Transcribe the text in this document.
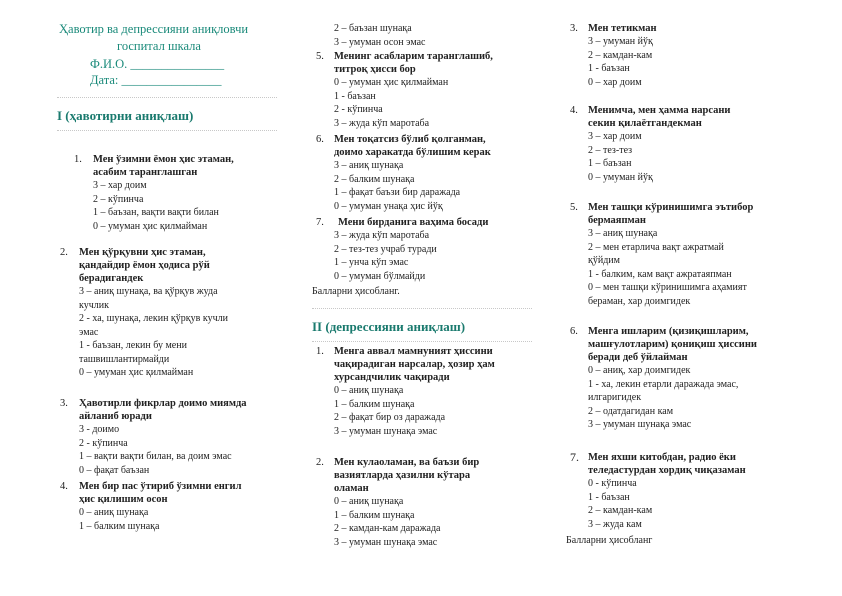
Ҳавотир ва депрессияни аниқловчи
госпитал шкала
Ф.И.О. _______________
Дата: ________________
I (ҳавотирни аниқлаш)
1. Мен ўзимни ёмон ҳис этаман,
асабим таранглашган
3 – хар доим
2 – кўпинча
1 – баъзан, вақти вақти билан
0 – умуман ҳис қилмайман
2. Мен қўрқувни ҳис этаман,
қандайдир ёмон ҳодиса рўй
берадигандек
3 – аниқ шунақа, ва қўрқув жуда
кучлик
2 - ха, шунақа, лекин қўрқув кучли
эмас
1 - баъзан, лекин бу мени
ташвишлантирмайди
0 – умуман ҳис қилмайман
3. Ҳавотирли фикрлар доимо миямда
айланиб юради
3 - доимо
2 - кўпинча
1 – вақти вақти билан, ва доим эмас
0 – фақат баъзан
4. Мен бир пас ўтириб ўзимни енгил
ҳис қилишим осон
0 – аниқ шунақа
1 – балким шунақа
2 – баъзан шунақа
3 – умуман осон эмас
5. Менинг асабларим таранглашиб,
титроқ ҳисси бор
0 – умуман ҳис қилмайман
1 - баъзан
2 - кўпинча
3 – жуда кўп маротаба
6. Мен тоқатсиз бўлиб қолганман,
доимо харакатда бўлишим керак
3 – аниқ шунақа
2 – балким шунақа
1 – фақат баъзи бир даражада
0 – умуман унақа ҳис йўқ
7. Мени бирданига ваҳима босади
3 – жуда кўп маротаба
2 – тез-тез учраб туради
1 – унча кўп эмас
0 – умуман бўлмайди
Балларни ҳисобланг.
II (депрессияни аниқлаш)
1. Менга аввал мамнуният ҳиссини
чақирадиган нарсалар, ҳозир ҳам
хурсандчилик чақиради
0 – аниқ шунақа
1 – балким шунақа
2 – фақат бир оз даражада
3 – умуман шунақа эмас
2. Мен кулаоламан, ва баъзи бир
вазиятларда ҳазилни кўтара
оламан
0 – аниқ шунақа
1 – балким шунақа
2 – камдан-кам даражада
3 – умуман шунақа эмас
3. Мен тетикман
3 – умуман йўқ
2 – камдан-кам
1 - баъзан
0 – хар доим
4. Менимча, мен ҳамма нарсани
секин қилаётгандекман
3 – хар доим
2 – тез-тез
1 – баъзан
0 – умуман йўқ
5. Мен ташқи кўринишимга эътибор
бермаяпман
3 – аниқ шунақа
2 – мен етарлича вақт ажратмай
қўйдим
1 - балким, кам вақт ажратаяпман
0 – мен ташқи кўринишимга аҳамият
бераман, хар доимгидек
6. Менга ишларим (қизиқишларим,
машғулотларим) қониқиш ҳиссини
беради деб ўйлайман
0 – аниқ, хар доимгидек
1 - ха, лекин етарли даражада эмас,
илгаригидек
2 – одатдагидан кам
3 – умуман шунақа эмас
7. Мен яхши китобдан, радио ёки
теледастурдан хордиқ чиқазаман
0 - кўпинча
1 - баъзан
2 – камдан-кам
3 – жуда кам
Балларни ҳисобланг
